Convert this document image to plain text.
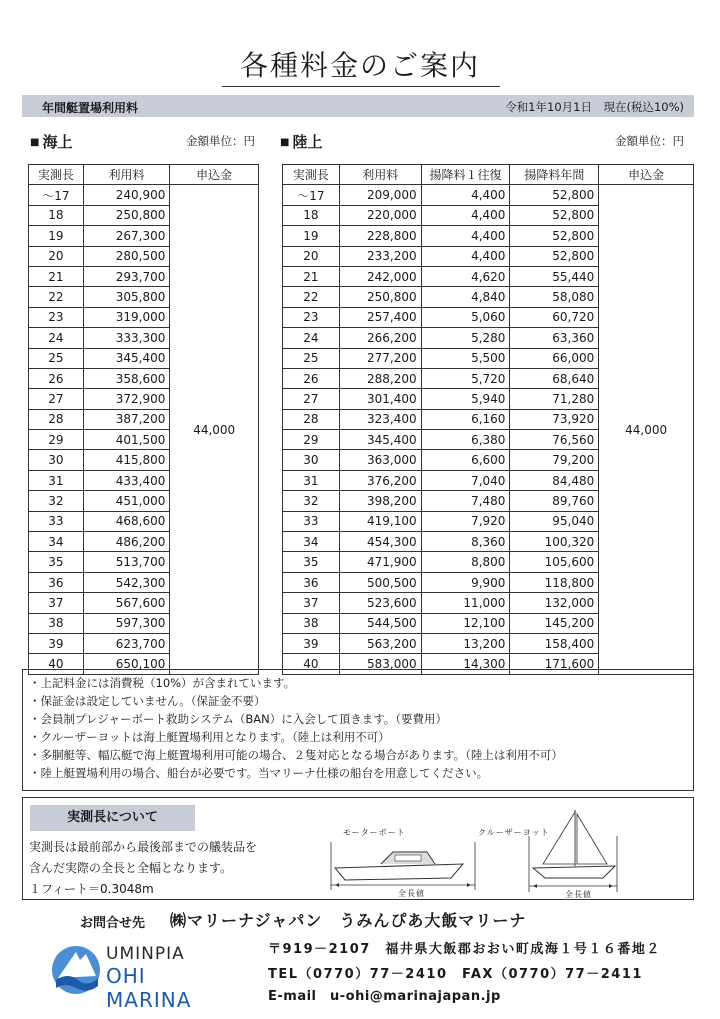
各種料金のご案内
年間艇置場利用料	令和1年10月1日　現在(税込10%)
■ 海上	金額単位：円
実測長	利用料	申込金
～17	240,900	44,000
18	250,800	
19	267,300	
20	280,500	
21	293,700	
22	305,800	
23	319,000	
24	333,300	
25	345,400	
26	358,600	
27	372,900	
28	387,200	
29	401,500	
30	415,800	
31	433,400	
32	451,000	
33	468,600	
34	486,200	
35	513,700	
36	542,300	
37	567,600	
38	597,300	
39	623,700	
40	650,100	
■ 陸上	金額単位：円
実測長	利用料	揚降料１往復	揚降料年間	申込金
～17	209,000	4,400	52,800	44,000
18	220,000	4,400	52,800	
19	228,800	4,400	52,800	
20	233,200	4,400	52,800	
21	242,000	4,620	55,440	
22	250,800	4,840	58,080	
23	257,400	5,060	60,720	
24	266,200	5,280	63,360	
25	277,200	5,500	66,000	
26	288,200	5,720	68,640	
27	301,400	5,940	71,280	
28	323,400	6,160	73,920	
29	345,400	6,380	76,560	
30	363,000	6,600	79,200	
31	376,200	7,040	84,480	
32	398,200	7,480	89,760	
33	419,100	7,920	95,040	
34	454,300	8,360	100,320	
35	471,900	8,800	105,600	
36	500,500	9,900	118,800	
37	523,600	11,000	132,000	
38	544,500	12,100	145,200	
39	563,200	13,200	158,400	
40	583,000	14,300	171,600	
・上記料金には消費税（10%）が含まれています。
・保証金は設定していません。（保証金不要）
・会員制プレジャーボート救助システム（BAN）に入会して頂きます。（要費用）
・クルーザーヨットは海上艇置場利用となります。（陸上は利用不可）
・多胴艇等、幅広艇で海上艇置場利用可能の場合、２隻対応となる場合があります。（陸上は利用不可）
・陸上艇置場利用の場合、船台が必要です。当マリーナ仕様の船台を用意してください。
実測長について
実測長は最前部から最後部までの艤装品を
含んだ実際の全長と全幅となります。
１フィート＝0.3048m
モーターボート
全長値
クルーザーヨット
全長値
お問合せ先 ㈱マリーナジャパン　うみんぴあ大飯マリーナ
〒919－2107　福井県大飯郡おおい町成海１号１６番地２
TEL（0770）77－2410　FAX（0770）77－2411
E-mail　u-ohi@marinajapan.jp
UMINPIA
OHI MARINA
